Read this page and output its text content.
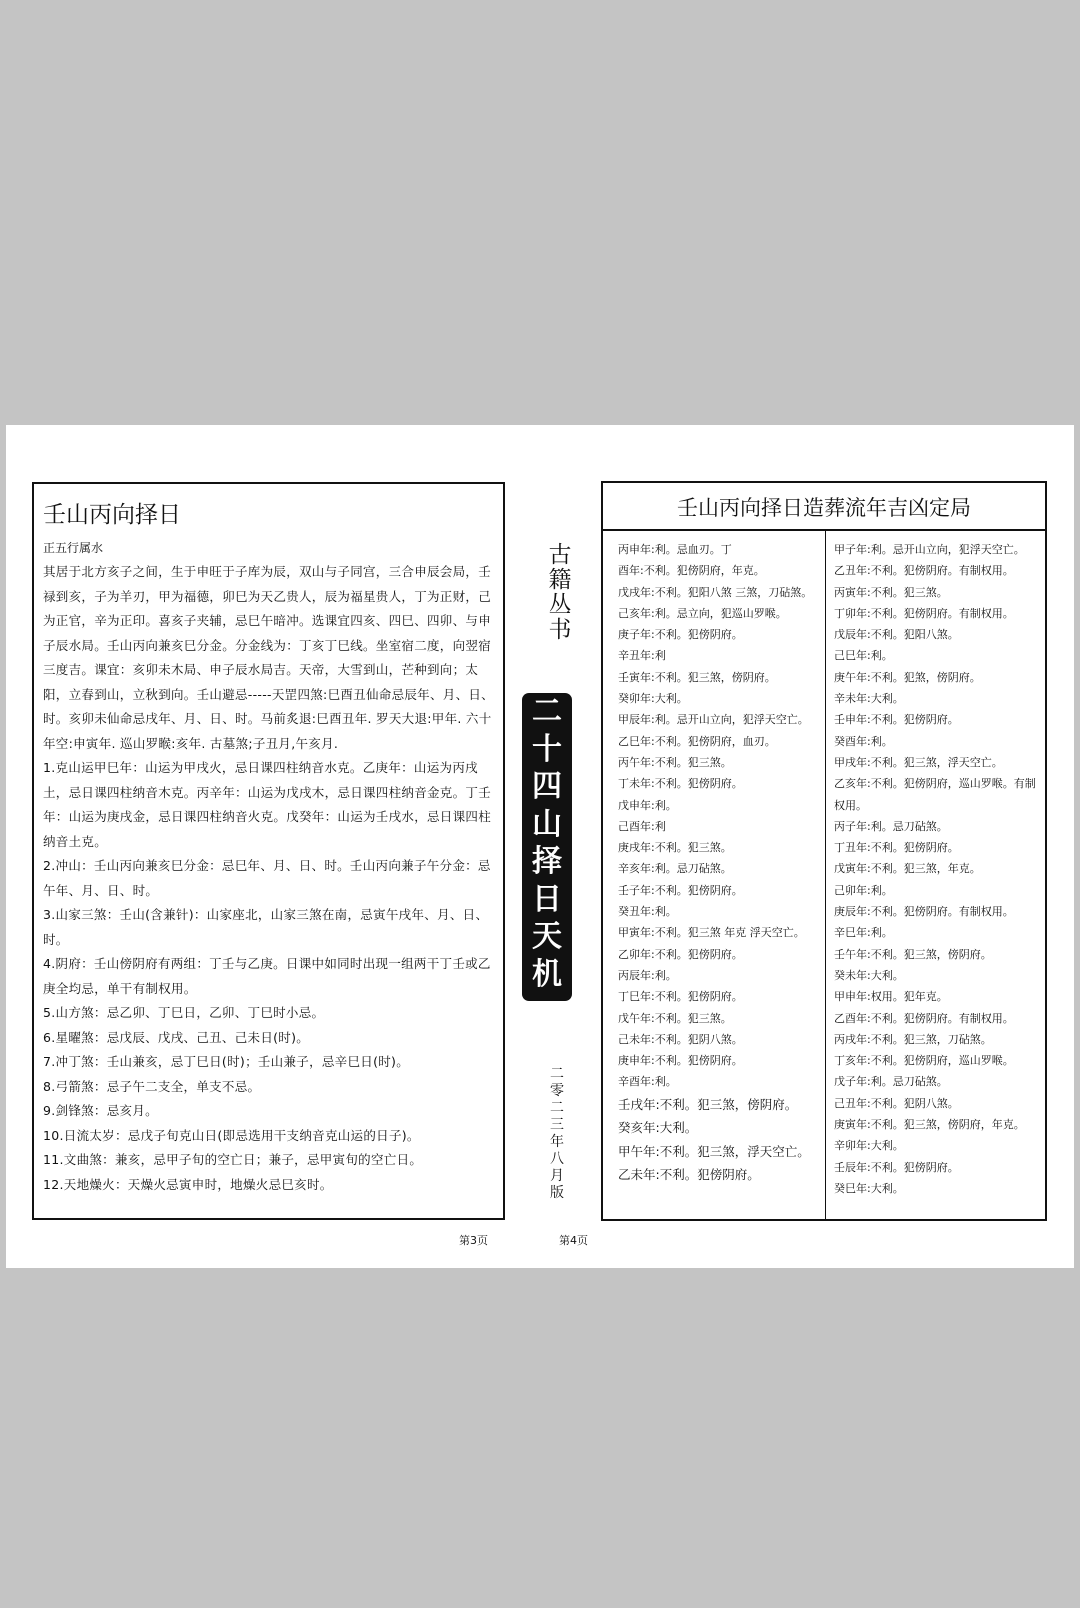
壬山丙向择日

正五行属水

其居于北方亥子之间，生于申旺于子库为辰，双山与子同宫，三合申辰会局，壬禄到亥，子为羊刃，甲为福德，卯巳为天乙贵人，辰为福星贵人，丁为正财，己为正官，辛为正印。喜亥子夹辅，忌巳午暗冲。选课宜四亥、四巳、四卯、与申子辰水局。壬山丙向兼亥巳分金。分金线为：丁亥丁巳线。坐室宿二度，向翌宿三度吉。课宜：亥卯未木局、申子辰水局吉。天帝，大雪到山，芒种到向；太阳，立春到山，立秋到向。壬山避忌-----天罡四煞:巳酉丑仙命忌辰年、月、日、时。亥卯未仙命忌戌年、月、日、时。马前炙退:巳酉丑年. 罗天大退:甲年. 六十年空:申寅年. 巡山罗睺:亥年. 古墓煞;子丑月,午亥月.

1.克山运甲巳年：山运为甲戌火，忌日课四柱纳音水克。乙庚年：山运为丙戌土，忌日课四柱纳音木克。丙辛年：山运为戊戌木，忌日课四柱纳音金克。丁壬年：山运为庚戌金，忌日课四柱纳音火克。戊癸年：山运为壬戌水，忌日课四柱纳音土克。

2.冲山：壬山丙向兼亥巳分金：忌巳年、月、日、时。壬山丙向兼子午分金：忌午年、月、日、时。

3.山家三煞：壬山(含兼针)：山家座北，山家三煞在南，忌寅午戌年、月、日、时。

4.阴府：壬山傍阴府有两组：丁壬与乙庚。日课中如同时出现一组两干丁壬或乙庚全均忌，单干有制权用。

5.山方煞：忌乙卯、丁巳日，乙卯、丁巳时小忌。

6.星曜煞：忌戊辰、戊戌、己丑、己未日(时)。

7.冲丁煞：壬山兼亥，忌丁巳日(时)；壬山兼子，忌辛巳日(时)。

8.弓箭煞：忌子午二支全，单支不忌。

9.剑锋煞：忌亥月。

10.日流太岁：忌戊子旬克山日(即忌选用干支纳音克山运的日子)。

11.文曲煞：兼亥，忌甲子旬的空亡日；兼子，忌甲寅旬的空亡日。

12.天地燥火：天燥火忌寅申时，地燥火忌巳亥时。

第3页
古
籍
丛
书
二
十
四
山
择
日
天
机
二
零
二
三
年
八
月
版
壬山丙向择日造葬流年吉凶定局
丙申年:利。忌血刃。丁
酉年:不利。犯傍阴府，年克。
戊戌年:不利。犯阳八煞 三煞，刀砧煞。
己亥年:利。忌立向，犯巡山罗喉。
庚子年:不利。犯傍阴府。
辛丑年:利
壬寅年:不利。犯三煞，傍阴府。
癸卯年:大利。
甲辰年:利。忌开山立向，犯浮天空亡。
乙巳年:不利。犯傍阴府，血刃。
丙午年:不利。犯三煞。
丁未年:不利。犯傍阴府。
戊申年:利。
己酉年:利
庚戌年:不利。犯三煞。
辛亥年:利。忌刀砧煞。
壬子年:不利。犯傍阴府。
癸丑年:利。
甲寅年:不利。犯三煞 年克 浮天空亡。
乙卯年:不利。犯傍阴府。
丙辰年:利。
丁巳年:不利。犯傍阴府。
戊午年:不利。犯三煞。
己未年:不利。犯阴八煞。
庚申年:不利。犯傍阴府。
辛酉年:利。
壬戌年:不利。犯三煞，傍阴府。
癸亥年:大利。
甲午年:不利。犯三煞，浮天空亡。
乙未年:不利。犯傍阴府。
甲子年:利。忌开山立向，犯浮天空亡。
乙丑年:不利。犯傍阴府。有制权用。
丙寅年:不利。犯三煞。
丁卯年:不利。犯傍阴府。有制权用。
戊辰年:不利。犯阳八煞。
己巳年:利。
庚午年:不利。犯煞，傍阴府。
辛未年:大利。
壬申年:不利。犯傍阴府。
癸酉年:利。
甲戌年:不利。犯三煞，浮天空亡。
乙亥年:不利。犯傍阴府，巡山罗喉。有制权用。
丙子年:利。忌刀砧煞。
丁丑年:不利。犯傍阴府。
戊寅年:不利。犯三煞，年克。
己卯年:利。
庚辰年:不利。犯傍阴府。有制权用。
辛巳年:利。
壬午年:不利。犯三煞，傍阴府。
癸未年:大利。
甲申年:权用。犯年克。
乙酉年:不利。犯傍阴府。有制权用。
丙戌年:不利。犯三煞，刀砧煞。
丁亥年:不利。犯傍阴府，巡山罗喉。
戊子年:利。忌刀砧煞。
己丑年:不利。犯阴八煞。
庚寅年:不利。犯三煞，傍阴府，年克。
辛卯年:大利。
壬辰年:不利。犯傍阴府。
癸巳年:大利。
第4页
